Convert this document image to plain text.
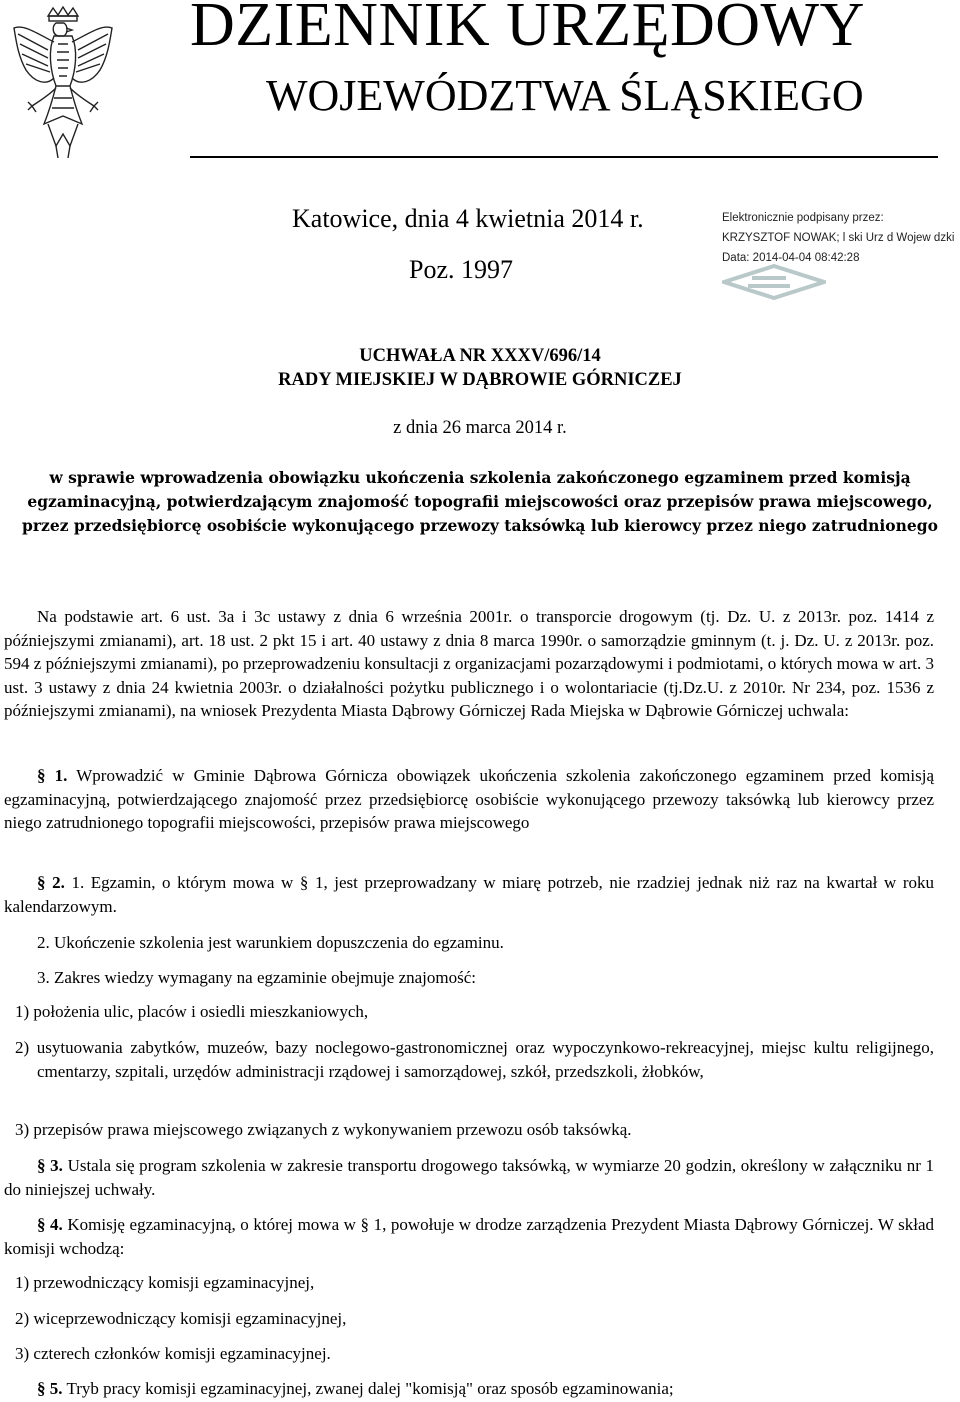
DZIENNIK URZĘDOWY
WOJEWÓDZTWA ŚLĄSKIEGO
Katowice, dnia 4 kwietnia 2014 r.
Poz. 1997
Elektronicznie podpisany przez:
KRZYSZTOF NOWAK; l ski Urz d Wojew dzki
Data: 2014-04-04 08:42:28
UCHWAŁA NR XXXV/696/14
RADY MIEJSKIEJ W DĄBROWIE GÓRNICZEJ
z dnia 26 marca 2014 r.
w sprawie wprowadzenia obowiązku ukończenia szkolenia zakończonego egzaminem przed komisją egzaminacyjną, potwierdzającym znajomość topografii miejscowości oraz przepisów prawa miejscowego, przez przedsiębiorcę osobiście wykonującego przewozy taksówką lub kierowcy przez niego zatrudnionego

Na podstawie art. 6 ust. 3a i 3c ustawy z dnia 6 września 2001r. o transporcie drogowym (tj. Dz. U. z 2013r. poz. 1414 z późniejszymi zmianami), art. 18 ust. 2 pkt 15 i art. 40 ustawy z dnia 8 marca 1990r. o samorządzie gminnym (t. j. Dz. U. z 2013r. poz. 594 z późniejszymi zmianami), po przeprowadzeniu konsultacji z organizacjami pozarządowymi i podmiotami, o których mowa w art. 3 ust. 3 ustawy z dnia 24 kwietnia 2003r. o działalności pożytku publicznego i o wolontariacie (tj.Dz.U. z 2010r. Nr 234, poz. 1536 z późniejszymi zmianami), na wniosek Prezydenta Miasta Dąbrowy Górniczej Rada Miejska w Dąbrowie Górniczej uchwala:

§ 1. Wprowadzić w Gminie Dąbrowa Górnicza obowiązek ukończenia szkolenia zakończonego egzaminem przed komisją egzaminacyjną, potwierdzającego znajomość przez przedsiębiorcę osobiście wykonującego przewozy taksówką lub kierowcy przez niego zatrudnionego topografii miejscowości, przepisów prawa miejscowego

§ 2. 1. Egzamin, o którym mowa w § 1, jest przeprowadzany w miarę potrzeb, nie rzadziej jednak niż raz na kwartał w roku kalendarzowym.

2. Ukończenie szkolenia jest warunkiem dopuszczenia do egzaminu.

3. Zakres wiedzy wymagany na egzaminie obejmuje znajomość:

1) położenia ulic, placów i osiedli mieszkaniowych,

2) usytuowania zabytków, muzeów, bazy noclegowo-gastronomicznej oraz wypoczynkowo-rekreacyjnej, miejsc kultu religijnego, cmentarzy, szpitali, urzędów administracji rządowej i samorządowej, szkół, przedszkoli, żłobków,

3) przepisów prawa miejscowego związanych z wykonywaniem przewozu osób taksówką.

§ 3. Ustala się program szkolenia w zakresie transportu drogowego taksówką, w wymiarze 20 godzin, określony w załączniku nr 1 do niniejszej uchwały.

§ 4. Komisję egzaminacyjną, o której mowa w § 1, powołuje w drodze zarządzenia Prezydent Miasta Dąbrowy Górniczej. W skład komisji wchodzą:

1) przewodniczący komisji egzaminacyjnej,

2) wiceprzewodniczący komisji egzaminacyjnej,

3) czterech członków komisji egzaminacyjnej.

§ 5. Tryb pracy komisji egzaminacyjnej, zwanej dalej "komisją" oraz sposób egzaminowania;
